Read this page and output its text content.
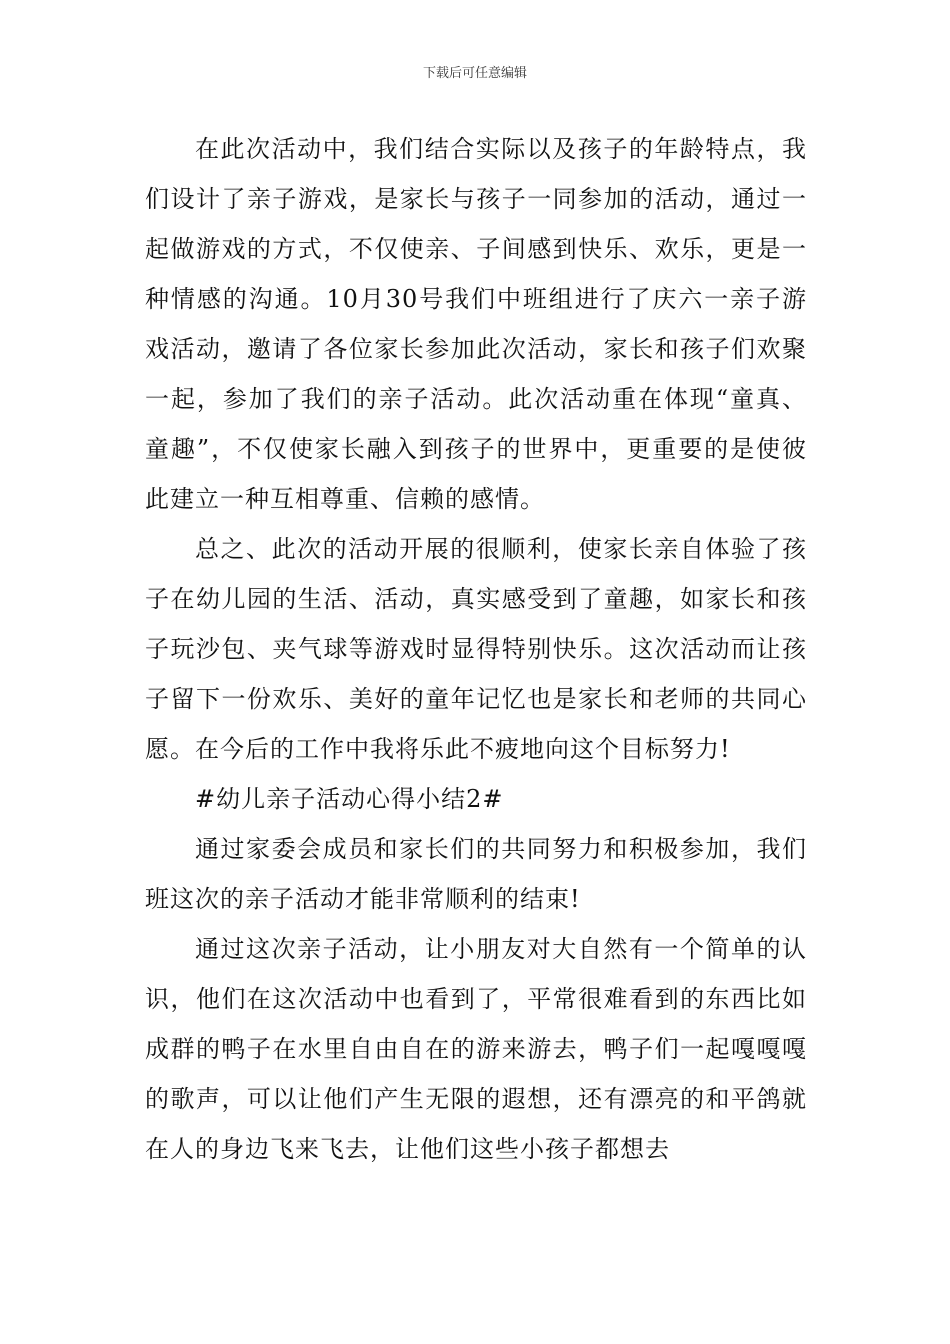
下载后可任意编辑

在此次活动中，我们结合实际以及孩子的年龄特点，我们设计了亲子游戏，是家长与孩子一同参加的活动，通过一起做游戏的方式，不仅使亲、子间感到快乐、欢乐，更是一种情感的沟通。10月30号我们中班组进行了庆六一亲子游戏活动，邀请了各位家长参加此次活动，家长和孩子们欢聚一起，参加了我们的亲子活动。此次活动重在体现“童真、童趣”，不仅使家长融入到孩子的世界中，更重要的是使彼此建立一种互相尊重、信赖的感情。

总之、此次的活动开展的很顺利，使家长亲自体验了孩子在幼儿园的生活、活动，真实感受到了童趣，如家长和孩子玩沙包、夹气球等游戏时显得特别快乐。这次活动而让孩子留下一份欢乐、美好的童年记忆也是家长和老师的共同心愿。在今后的工作中我将乐此不疲地向这个目标努力!

#幼儿亲子活动心得小结2#

通过家委会成员和家长们的共同努力和积极参加，我们班这次的亲子活动才能非常顺利的结束!

通过这次亲子活动，让小朋友对大自然有一个简单的认识，他们在这次活动中也看到了，平常很难看到的东西比如成群的鸭子在水里自由自在的游来游去，鸭子们一起嘎嘎嘎的歌声，可以让他们产生无限的遐想，还有漂亮的和平鸽就在人的身边飞来飞去，让他们这些小孩子都想去
